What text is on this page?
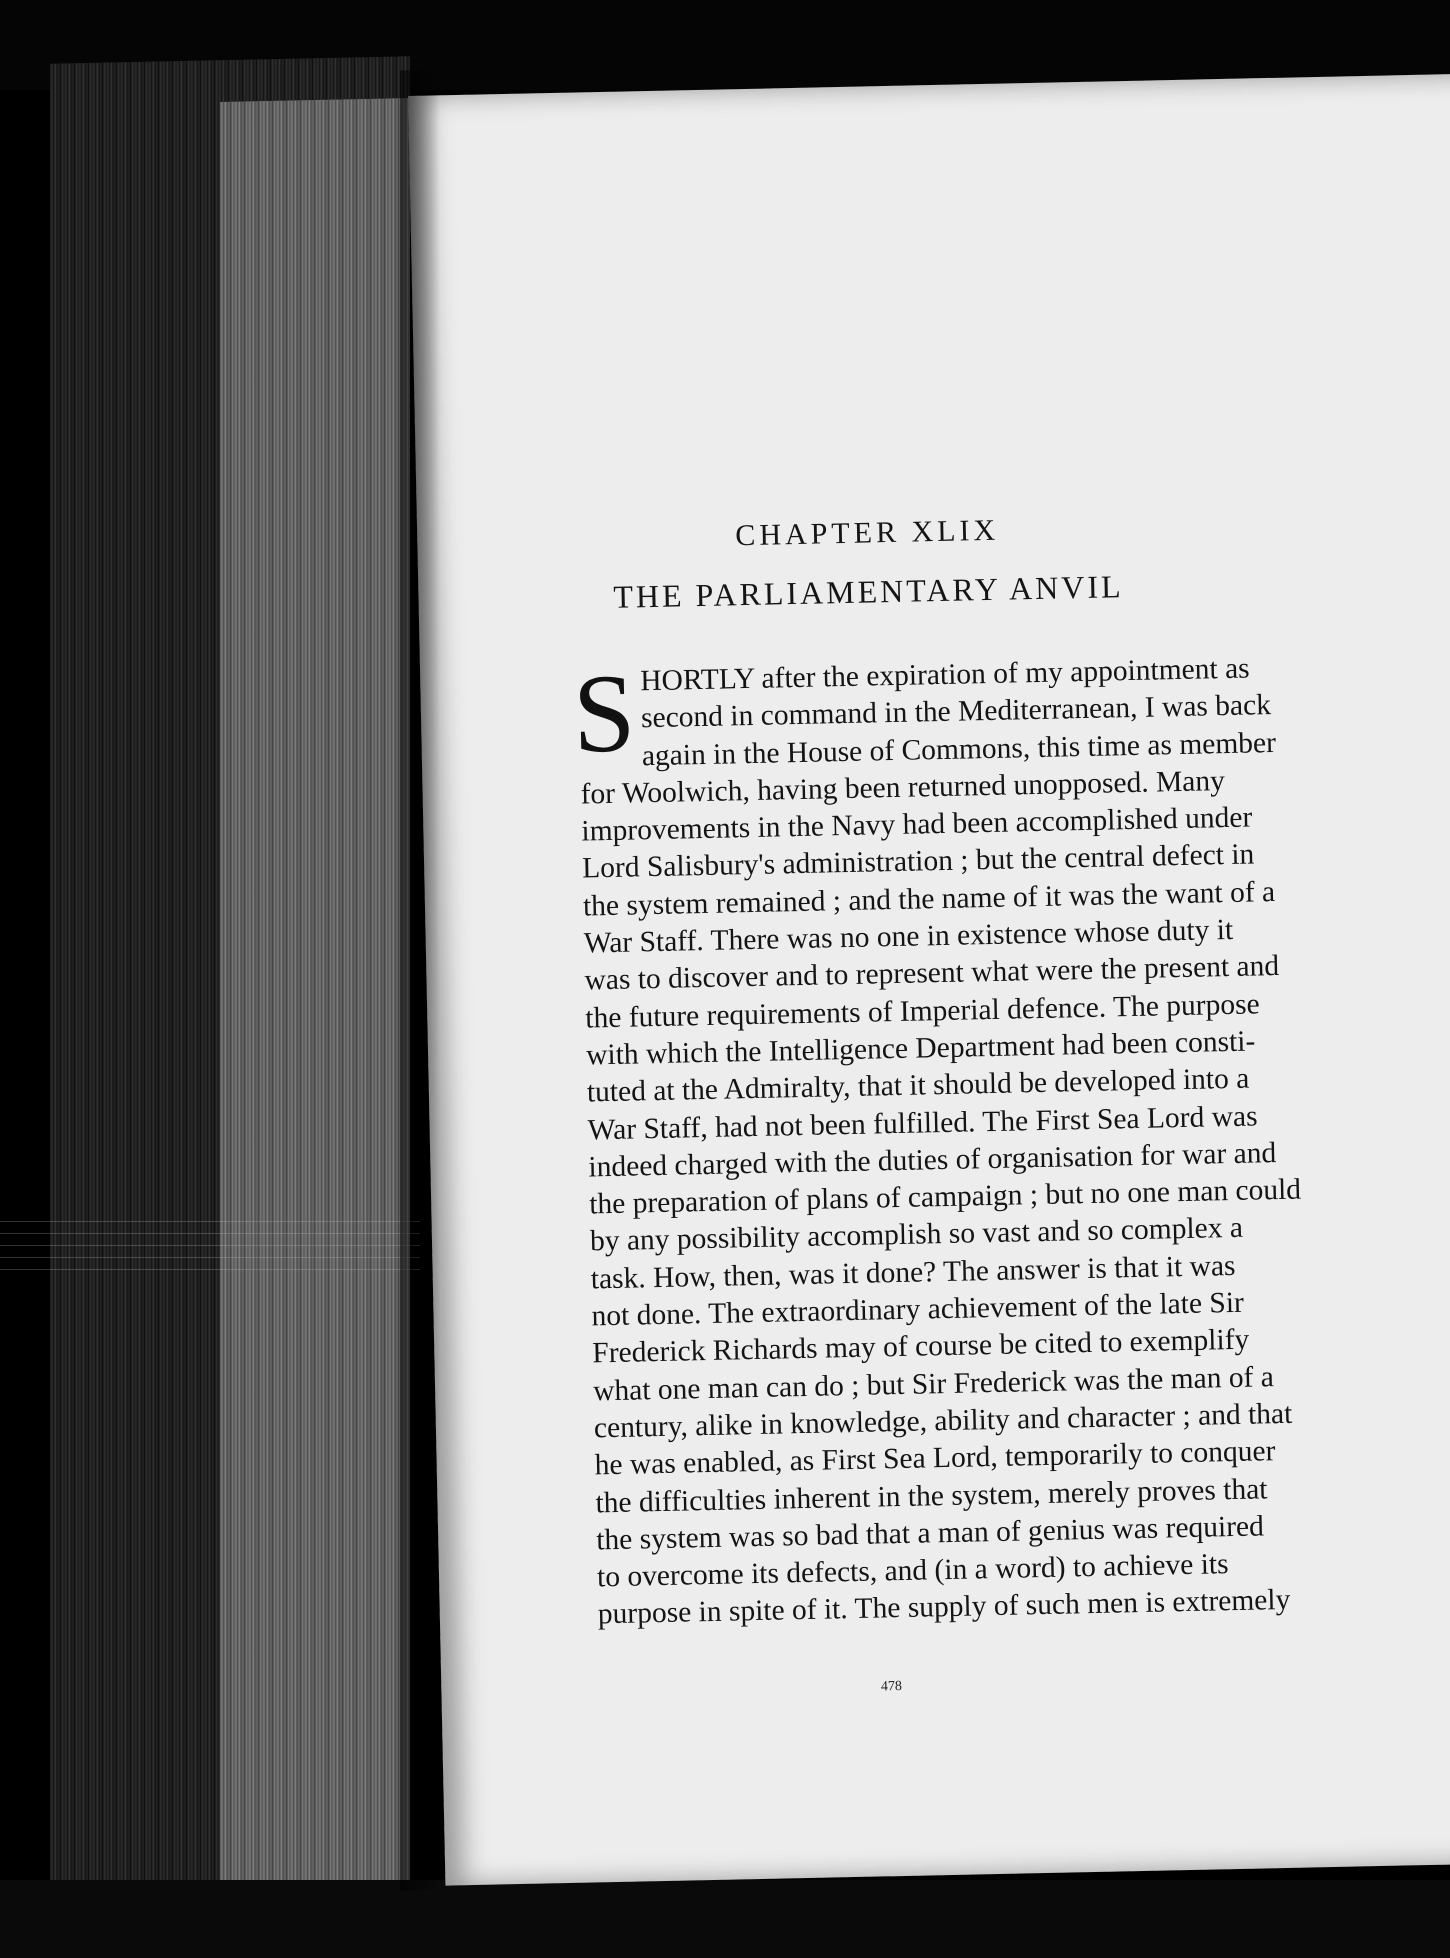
CHAPTER XLIX
THE PARLIAMENTARY ANVIL
S HORTLY after the expiration of my appointment as
second in command in the Mediterranean, I was back
again in the House of Commons, this time as member
for Woolwich, having been returned unopposed. Many
improvements in the Navy had been accomplished under
Lord Salisbury's administration ; but the central defect in
the system remained ; and the name of it was the want of a
War Staff. There was no one in existence whose duty it
was to discover and to represent what were the present and
the future requirements of Imperial defence. The purpose
with which the Intelligence Department had been consti-
tuted at the Admiralty, that it should be developed into a
War Staff, had not been fulfilled. The First Sea Lord was
indeed charged with the duties of organisation for war and
the preparation of plans of campaign ; but no one man could
by any possibility accomplish so vast and so complex a
task. How, then, was it done? The answer is that it was
not done. The extraordinary achievement of the late Sir
Frederick Richards may of course be cited to exemplify
what one man can do ; but Sir Frederick was the man of a
century, alike in knowledge, ability and character ; and that
he was enabled, as First Sea Lord, temporarily to conquer
the difficulties inherent in the system, merely proves that
the system was so bad that a man of genius was required
to overcome its defects, and (in a word) to achieve its
purpose in spite of it. The supply of such men is extremely
478
